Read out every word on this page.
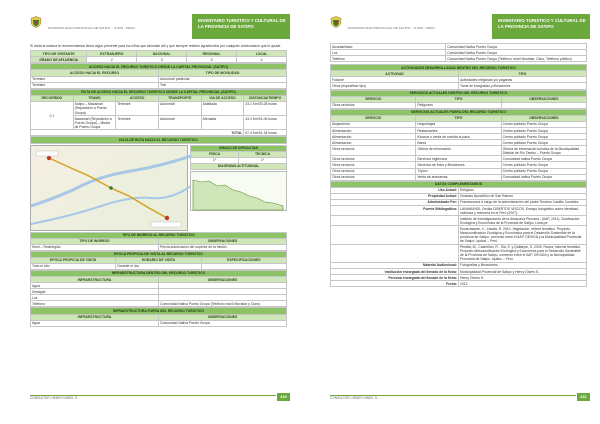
MUNICIPALIDAD PROVINCIAL DE SATIPO – JUNIN - PERU
INVENTARIO TURISTICO Y CULTURAL DE LA PROVINCIA DE SATIPO
Si visita la maloca le recomendamos llevar algún presente para los niños que abundan allí y que siempre reciben agradecidos por cualquier colaboración que le ayude.
TIPO DE VISITANTE	EXTRANJERO	NACIONAL	REGIONAL	LOCAL
GRADO DE AFLUENCIA	2	3	3	4
ACCESO HACIA EL RECURSO TURISTICO DESDE LA CAPITAL PROVINCIAL (SATIPO)	
ACCESO HACIA EL RECURSO	TIPO DE MOVILIDAD
Terrestre	Automóvil particular
Terrestre	Taxi
RUTA DE ACCESO HACIA EL RECURSO TURISTICO DESDE LA CAPITAL PROVINCIAL (SATIPO)					
RECORRIDO	TRAMO	ACCESO	TRANSPORTE	VIA DE ACCESO	DISTANCIA/TIEMPO
0 1	Satipo – Mazamari (Repartición a Puerto Ocopa)	Terrestre	Automóvil	Asfaltada	23,1 Km/00.28 horas
	Mazamari (Repartición a Puerto Ocopa) – Misión de Puerto Ocopa	Terrestre	Automóvil	Afirmada	43,3 Km/01.06 horas
TOTAL					67,4 Km/01.34 horas
HOJA DE RUTA HACIA EL RECURSO TURISTICO
GRADO DE DIFICULTAD	
FISICA	TECNICA
1º	1º
DIAGRAMA ALTITUDINAL	
TIPO DE INGRESO AL RECURSO TURISTICO	
TIPO DE INGRESO	OBSERVACIONES
Semi – Restringido	Previa autorización del superior de la misión
EPOCA PROPICIA DE VISITA AL RECURSO TURISTICO		
EPOCA PROPICIA DE VISITA	HORARIO DE VISITA	ESPECIFICACIONES
Todo el año	Durante el día	
INFRAESTRUCTURA DENTRO DEL RECURSO TURISTICO	
INFRAESTRUCTURA	OBSERVACIONES
Agua	
Desagüe	
Luz	
Teléfono	Comunidad Nativa Puerto Ocopa (Teléfono móvil Movistar y Claro)
INFRAESTRUCTURA FUERA DEL RECURSO TURISTICO	
INFRAESTRUCTURA	OBSERVACIONES
Agua	Comunidad Nativa Puerto Ocopa
CONSULTOR: HENRY NINES. S.	430
MUNICIPALIDAD PROVINCIAL DE SATIPO – JUNIN - PERU
INVENTARIO TURISTICO Y CULTURAL DE LA PROVINCIA DE SATIPO
Alcantarillado	Comunidad Nativa Puerto Ocopa
Luz	Comunidad Nativa Puerto Ocopa
Teléfono	Comunidad Nativa Puerto Ocopa (Teléfono móvil Movistar, Claro, Teléfono público)
ACTIVIDADES DESARROLLADAS DENTRO DEL RECURSO TURISTICO	
ACTIVIDAD	TIPO
Folclore	Actividades religiosas y/o paganas
Otros (especificar tipo)	Toma de fotografías y filmaciones
SERVICIOS ACTUALES DENTRO DEL RECURSO TURISTICO		
SERVICIO	TIPO	OBSERVACIONES
Otros servicios	Religiosos	
SERVICIOS ACTUALES FUERA DEL RECURSO TURISTICO		
SERVICIO	TIPO	OBSERVACIONES
Alojamiento	Hospedajes	Centro poblado Puerto Ocopa
Alimentación	Restaurantes	Centro poblado Puerto Ocopa
Alimentación	Kioscos o venta de comida al paso	Centro poblado Puerto Ocopa
Alimentación	Bares	Centro poblado Puerto Ocopa
Otros servicios	Oficina de información	Oficina de información turística de la Municipalidad Distrital de Río Tambo – Puerto Ocopa
Otros servicios	Servicios higiénicos	Comunidad nativa Puerto Ocopa
Otros servicios	Servicios de fotos y filmaciones	Centro poblado Puerto Ocopa
Otros servicios	Tópico	Centro poblado Puerto Ocopa
Otros servicios	Venta de artesanías	Comunidad nativa Puerto Ocopa
DATOS COMPLEMENTARIOS	
Uso Actual:	Religioso
Propiedad Actual:	Vicariato Apostólico de San Ramón
Administrado Por:	Franciscanos a cargo de la administración del padre Teodoro Castillo Curaldes.
Fuente Bibliográfica:	LANAMUNDI, Cecilia CIBERTOS VISCOS. Ensayo fotográfico sobre identidad, violencia y memoria en el Perú (2007).
	Instituto de Investigaciones de la Amazonía Peruana - (IIAP, 2011). Zonificación Ecológica y Económica de la Provincia de Satipo, Lima.pe.
	Escarrasante, V., Zavala, R. 2010. Vegetación, relieve temático. Proyecto Mesozonificación Ecológica y Económica para el Desarrollo Sostenible de la provincia de Satipo, convenio entre el IIAP, DEVIDA y la Municipalidad Provincial de Satipo. Iquitos – Perú.
	Peralta, M., Castrellón, R., Sia, S. y Quittayre, K. 2009. Fauna, informe temático. Proyecto Mesozonificación Ecológica y Económica para el Desarrollo Sostenible de la Provincia de Satipo, convenio entre el IIAP, DEVIDA y la Municipalidad Provincial de Satipo. Iquitos – Perú.
Material Audiovisual:	Fotografías y filmaciones.
Institución encargada del llenado de la ficha:	Municipalidad Provincial de Satipo y Henry Givers S.
Persona encargada del llenado de la ficha:	Henry Givers S.
Fecha:	2012
CONSULTOR: HENRY NINES. S.	431
